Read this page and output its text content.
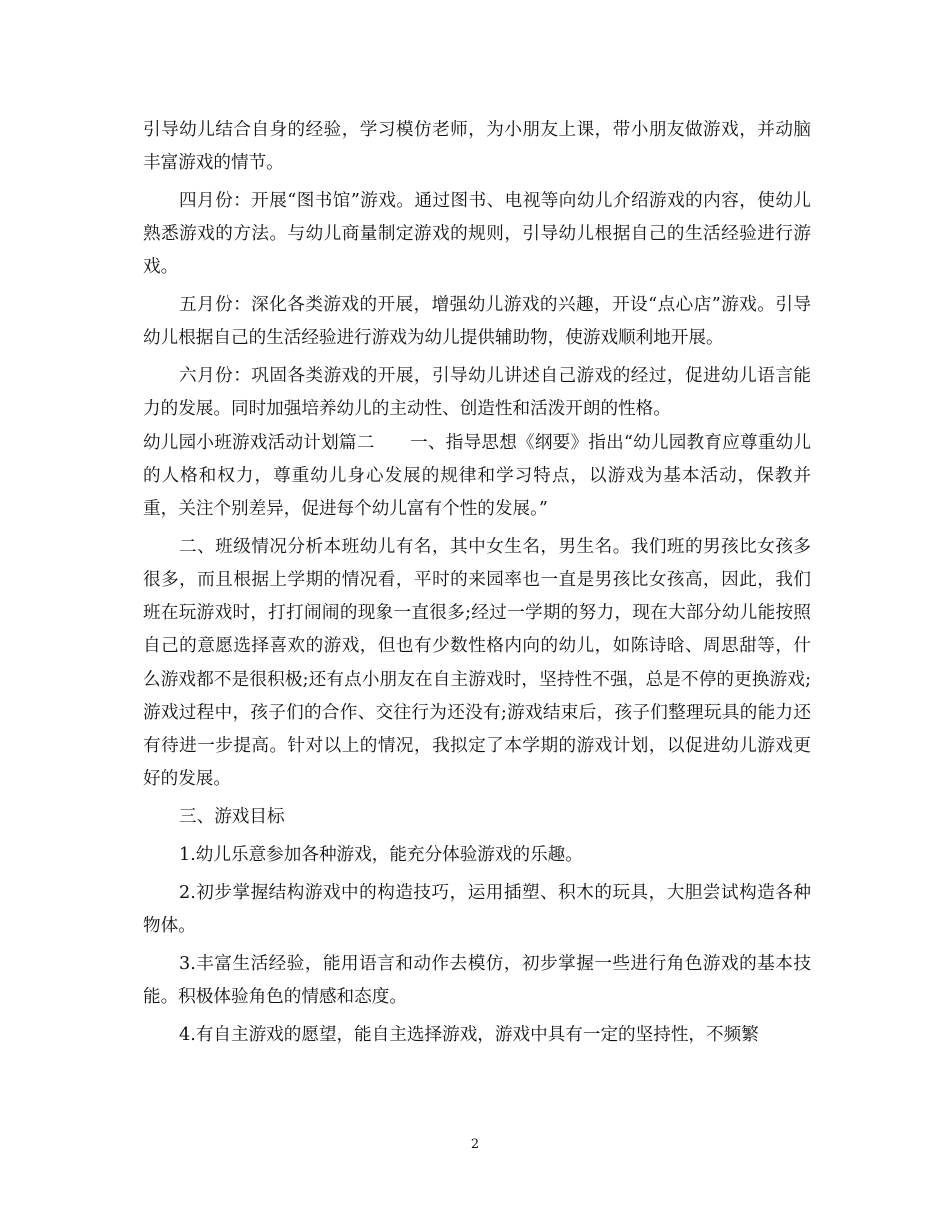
引导幼儿结合自身的经验，学习模仿老师，为小朋友上课，带小朋友做游戏，并动脑丰富游戏的情节。

四月份：开展“图书馆”游戏。通过图书、电视等向幼儿介绍游戏的内容，使幼儿熟悉游戏的方法。与幼儿商量制定游戏的规则，引导幼儿根据自己的生活经验进行游戏。

五月份：深化各类游戏的开展，增强幼儿游戏的兴趣，开设“点心店”游戏。引导幼儿根据自己的生活经验进行游戏为幼儿提供辅助物，使游戏顺利地开展。

六月份：巩固各类游戏的开展，引导幼儿讲述自己游戏的经过，促进幼儿语言能力的发展。同时加强培养幼儿的主动性、创造性和活泼开朗的性格。

幼儿园小班游戏活动计划篇二　　一、指导思想《纲要》指出“幼儿园教育应尊重幼儿的人格和权力，尊重幼儿身心发展的规律和学习特点，以游戏为基本活动，保教并重，关注个别差异，促进每个幼儿富有个性的发展。”

二、班级情况分析本班幼儿有名，其中女生名，男生名。我们班的男孩比女孩多很多，而且根据上学期的情况看，平时的来园率也一直是男孩比女孩高，因此，我们班在玩游戏时，打打闹闹的现象一直很多;经过一学期的努力，现在大部分幼儿能按照自己的意愿选择喜欢的游戏，但也有少数性格内向的幼儿，如陈诗晗、周思甜等，什么游戏都不是很积极;还有点小朋友在自主游戏时，坚持性不强，总是不停的更换游戏;游戏过程中，孩子们的合作、交往行为还没有;游戏结束后，孩子们整理玩具的能力还有待进一步提高。针对以上的情况，我拟定了本学期的游戏计划，以促进幼儿游戏更好的发展。

三、游戏目标

1.幼儿乐意参加各种游戏，能充分体验游戏的乐趣。

2.初步掌握结构游戏中的构造技巧，运用插塑、积木的玩具，大胆尝试构造各种物体。

3.丰富生活经验，能用语言和动作去模仿，初步掌握一些进行角色游戏的基本技能。积极体验角色的情感和态度。

4.有自主游戏的愿望，能自主选择游戏，游戏中具有一定的坚持性，不频繁

2
